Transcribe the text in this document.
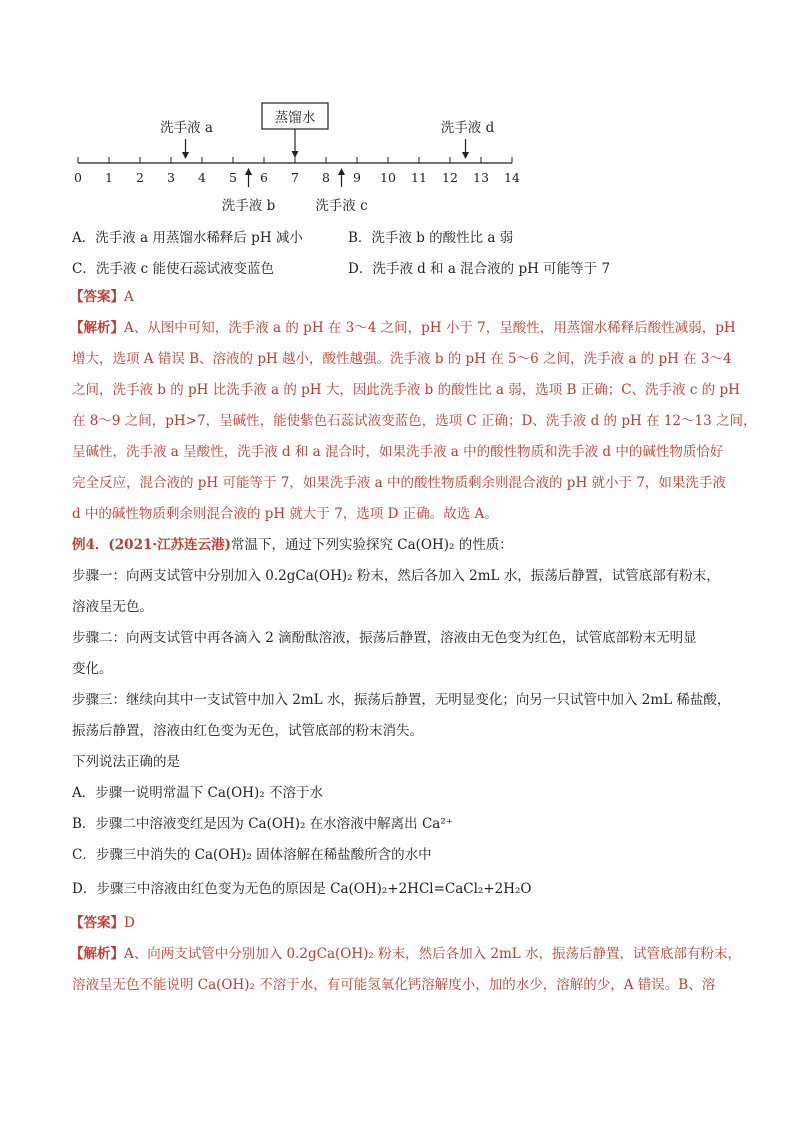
0 1 2 3 4 5 6 7 8 9 10 11 12 13 14
洗手液 a
蒸馏水
洗手液 d
洗手液 b	洗手液 c
A．洗手液 a 用蒸馏水稀释后 pH 减小	B．洗手液 b 的酸性比 a 弱
C．洗手液 c 能使石蕊试液变蓝色	D．洗手液 d 和 a 混合液的 pH 可能等于 7
【答案】A
【解析】A、从图中可知，洗手液 a 的 pH 在 3～4 之间，pH 小于 7，呈酸性，用蒸馏水稀释后酸性减弱，pH
增大，选项 A 错误 B、溶液的 pH 越小，酸性越强。洗手液 b 的 pH 在 5～6 之间，洗手液 a 的 pH 在 3～4
之间，洗手液 b 的 pH 比洗手液 a 的 pH 大，因此洗手液 b 的酸性比 a 弱，选项 B 正确；C、洗手液 c 的 pH
在 8～9 之间，pH>7，呈碱性，能使紫色石蕊试液变蓝色，选项 C 正确；D、洗手液 d 的 pH 在 12～13 之间，
呈碱性，洗手液 a 呈酸性，洗手液 d 和 a 混合时，如果洗手液 a 中的酸性物质和洗手液 d 中的碱性物质恰好
完全反应，混合液的 pH 可能等于 7，如果洗手液 a 中的酸性物质剩余则混合液的 pH 就小于 7，如果洗手液
d 中的碱性物质剩余则混合液的 pH 就大于 7，选项 D 正确。故选 A。
例4．(2021·江苏连云港)常温下，通过下列实验探究 Ca(OH)₂ 的性质：
步骤一：向两支试管中分别加入 0.2gCa(OH)₂ 粉末，然后各加入 2mL 水，振荡后静置，试管底部有粉末，
溶液呈无色。
步骤二：向两支试管中再各滴入 2 滴酚酞溶液，振荡后静置，溶液由无色变为红色，试管底部粉末无明显
变化。
步骤三：继续向其中一支试管中加入 2mL 水，振荡后静置，无明显变化；向另一只试管中加入 2mL 稀盐酸，
振荡后静置，溶液由红色变为无色，试管底部的粉末消失。
下列说法正确的是
A．步骤一说明常温下 Ca(OH)₂ 不溶于水
B．步骤二中溶液变红是因为 Ca(OH)₂ 在水溶液中解离出 Ca²⁺
C．步骤三中消失的 Ca(OH)₂ 固体溶解在稀盐酸所含的水中
D．步骤三中溶液由红色变为无色的原因是 Ca(OH)₂+2HCl=CaCl₂+2H₂O
【答案】D
【解析】A、向两支试管中分别加入 0.2gCa(OH)₂ 粉末，然后各加入 2mL 水，振荡后静置，试管底部有粉末，
溶液呈无色不能说明 Ca(OH)₂ 不溶于水，有可能氢氧化钙溶解度小，加的水少，溶解的少，A 错误。B、溶
